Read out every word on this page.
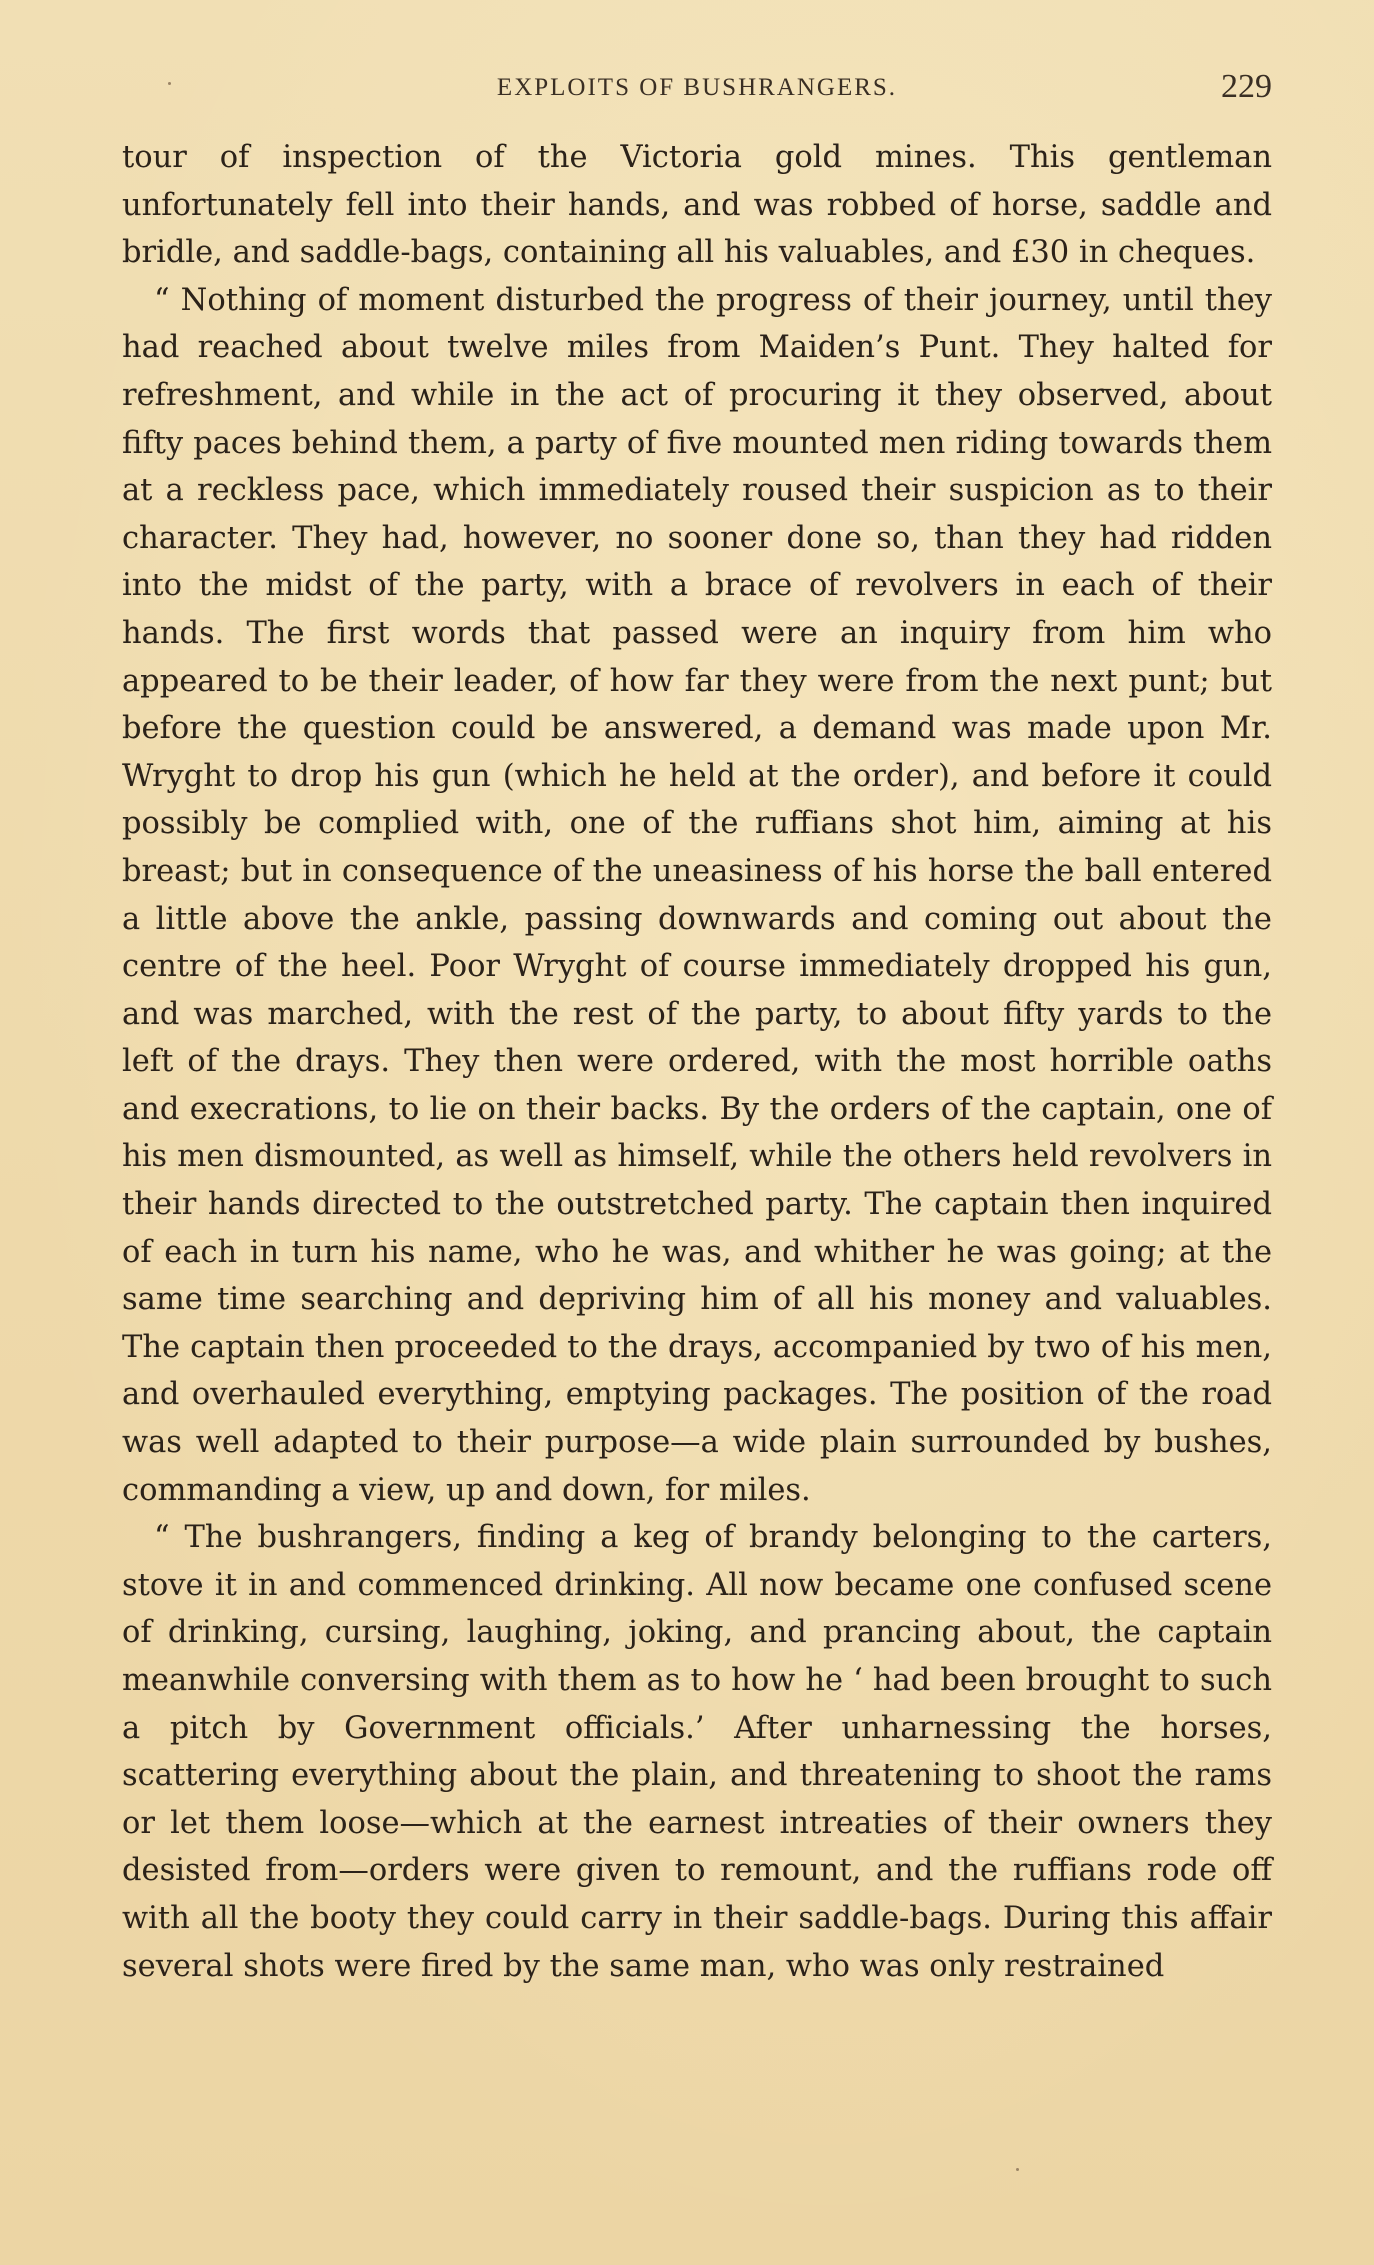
EXPLOITS OF BUSHRANGERS.	229

tour of inspection of the Victoria gold mines. This gentleman unfortunately fell into their hands, and was robbed of horse, saddle and bridle, and saddle-bags, containing all his valuables, and £30 in cheques.

“ Nothing of moment disturbed the progress of their journey, until they had reached about twelve miles from Maiden’s Punt. They halted for refreshment, and while in the act of procuring it they observed, about fifty paces behind them, a party of five mounted men riding towards them at a reckless pace, which immediately roused their suspicion as to their character. They had, however, no sooner done so, than they had ridden into the midst of the party, with a brace of revolvers in each of their hands. The first words that passed were an inquiry from him who appeared to be their leader, of how far they were from the next punt; but before the question could be answered, a demand was made upon Mr. Wryght to drop his gun (which he held at the order), and before it could possibly be complied with, one of the ruffians shot him, aiming at his breast; but in consequence of the uneasiness of his horse the ball entered a little above the ankle, passing downwards and coming out about the centre of the heel. Poor Wryght of course immediately dropped his gun, and was marched, with the rest of the party, to about fifty yards to the left of the drays. They then were ordered, with the most horrible oaths and execrations, to lie on their backs. By the orders of the captain, one of his men dismounted, as well as himself, while the others held revolvers in their hands directed to the outstretched party. The captain then inquired of each in turn his name, who he was, and whither he was going; at the same time searching and depriving him of all his money and valuables. The captain then proceeded to the drays, accompanied by two of his men, and overhauled everything, emptying packages. The position of the road was well adapted to their purpose—a wide plain surrounded by bushes, commanding a view, up and down, for miles.

“ The bushrangers, finding a keg of brandy belonging to the carters, stove it in and commenced drinking. All now became one confused scene of drinking, cursing, laughing, joking, and prancing about, the captain meanwhile conversing with them as to how he ‘ had been brought to such a pitch by Government officials.’ After unharnessing the horses, scattering everything about the plain, and threatening to shoot the rams or let them loose—which at the earnest intreaties of their owners they desisted from—orders were given to remount, and the ruffians rode off with all the booty they could carry in their saddle-bags. During this affair several shots were fired by the same man, who was only restrained
